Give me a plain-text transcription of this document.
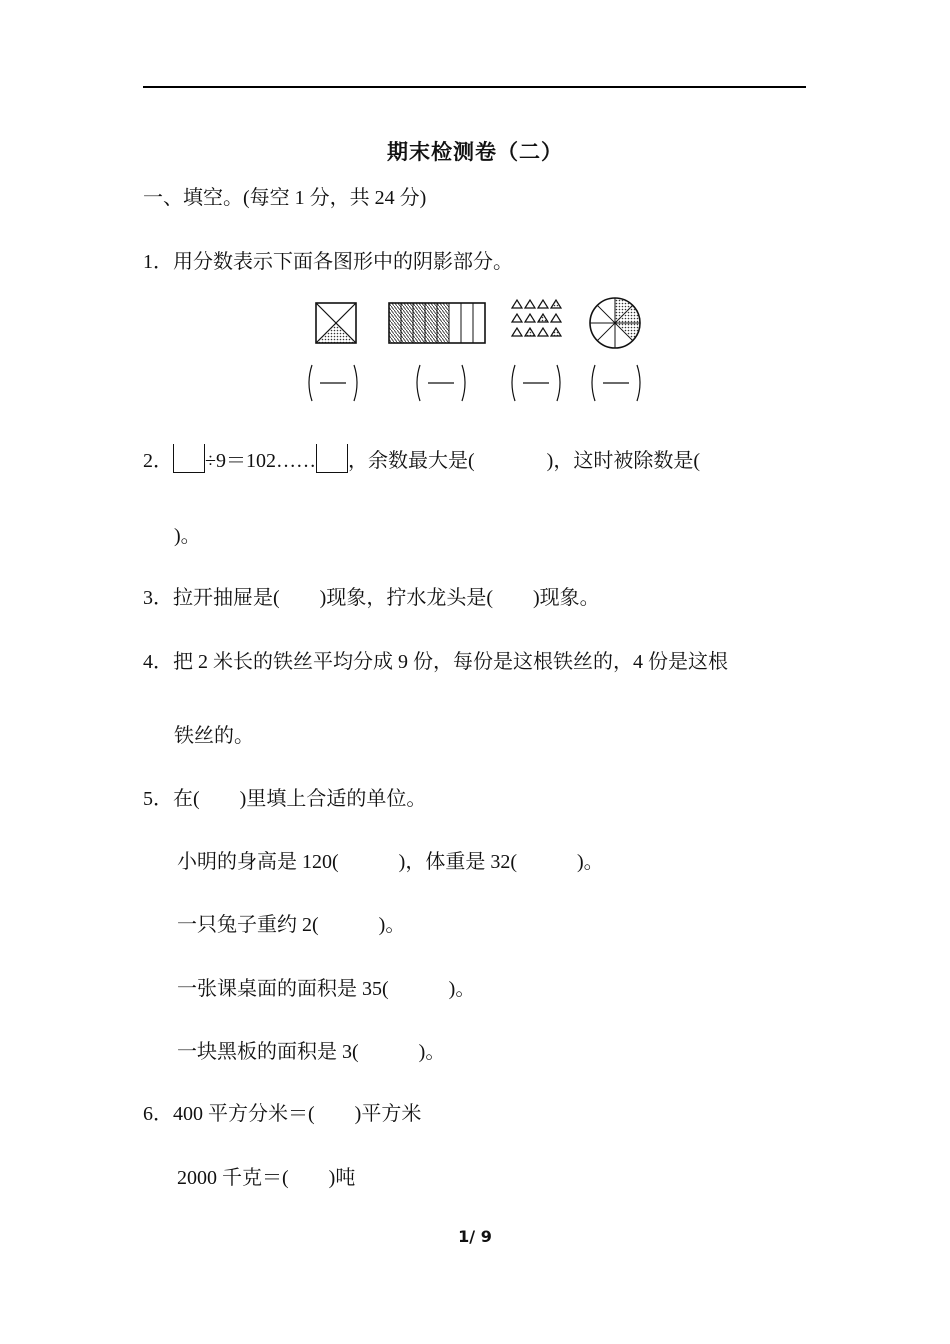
期末检测卷（二）
一、填空。(每空 1 分，共 24 分)
1．用分数表示下面各图形中的阴影部分。
2． ÷9＝102…… ，余数最大是(	)，这时被除数是(
)。
3．拉开抽屉是(　　)现象，拧水龙头是(　　)现象。
4．把 2 米长的铁丝平均分成 9 份，每份是这根铁丝的，4 份是这根
铁丝的。
5．在(　　)里填上合适的单位。
小明的身高是 120(　　　)，体重是 32(　　　)。
一只兔子重约 2(　　　)。
一张课桌面的面积是 35(　　　)。
一块黑板的面积是 3(　　　)。
6．400 平方分米＝(　　)平方米
2000 千克＝(　　)吨
1/ 9
